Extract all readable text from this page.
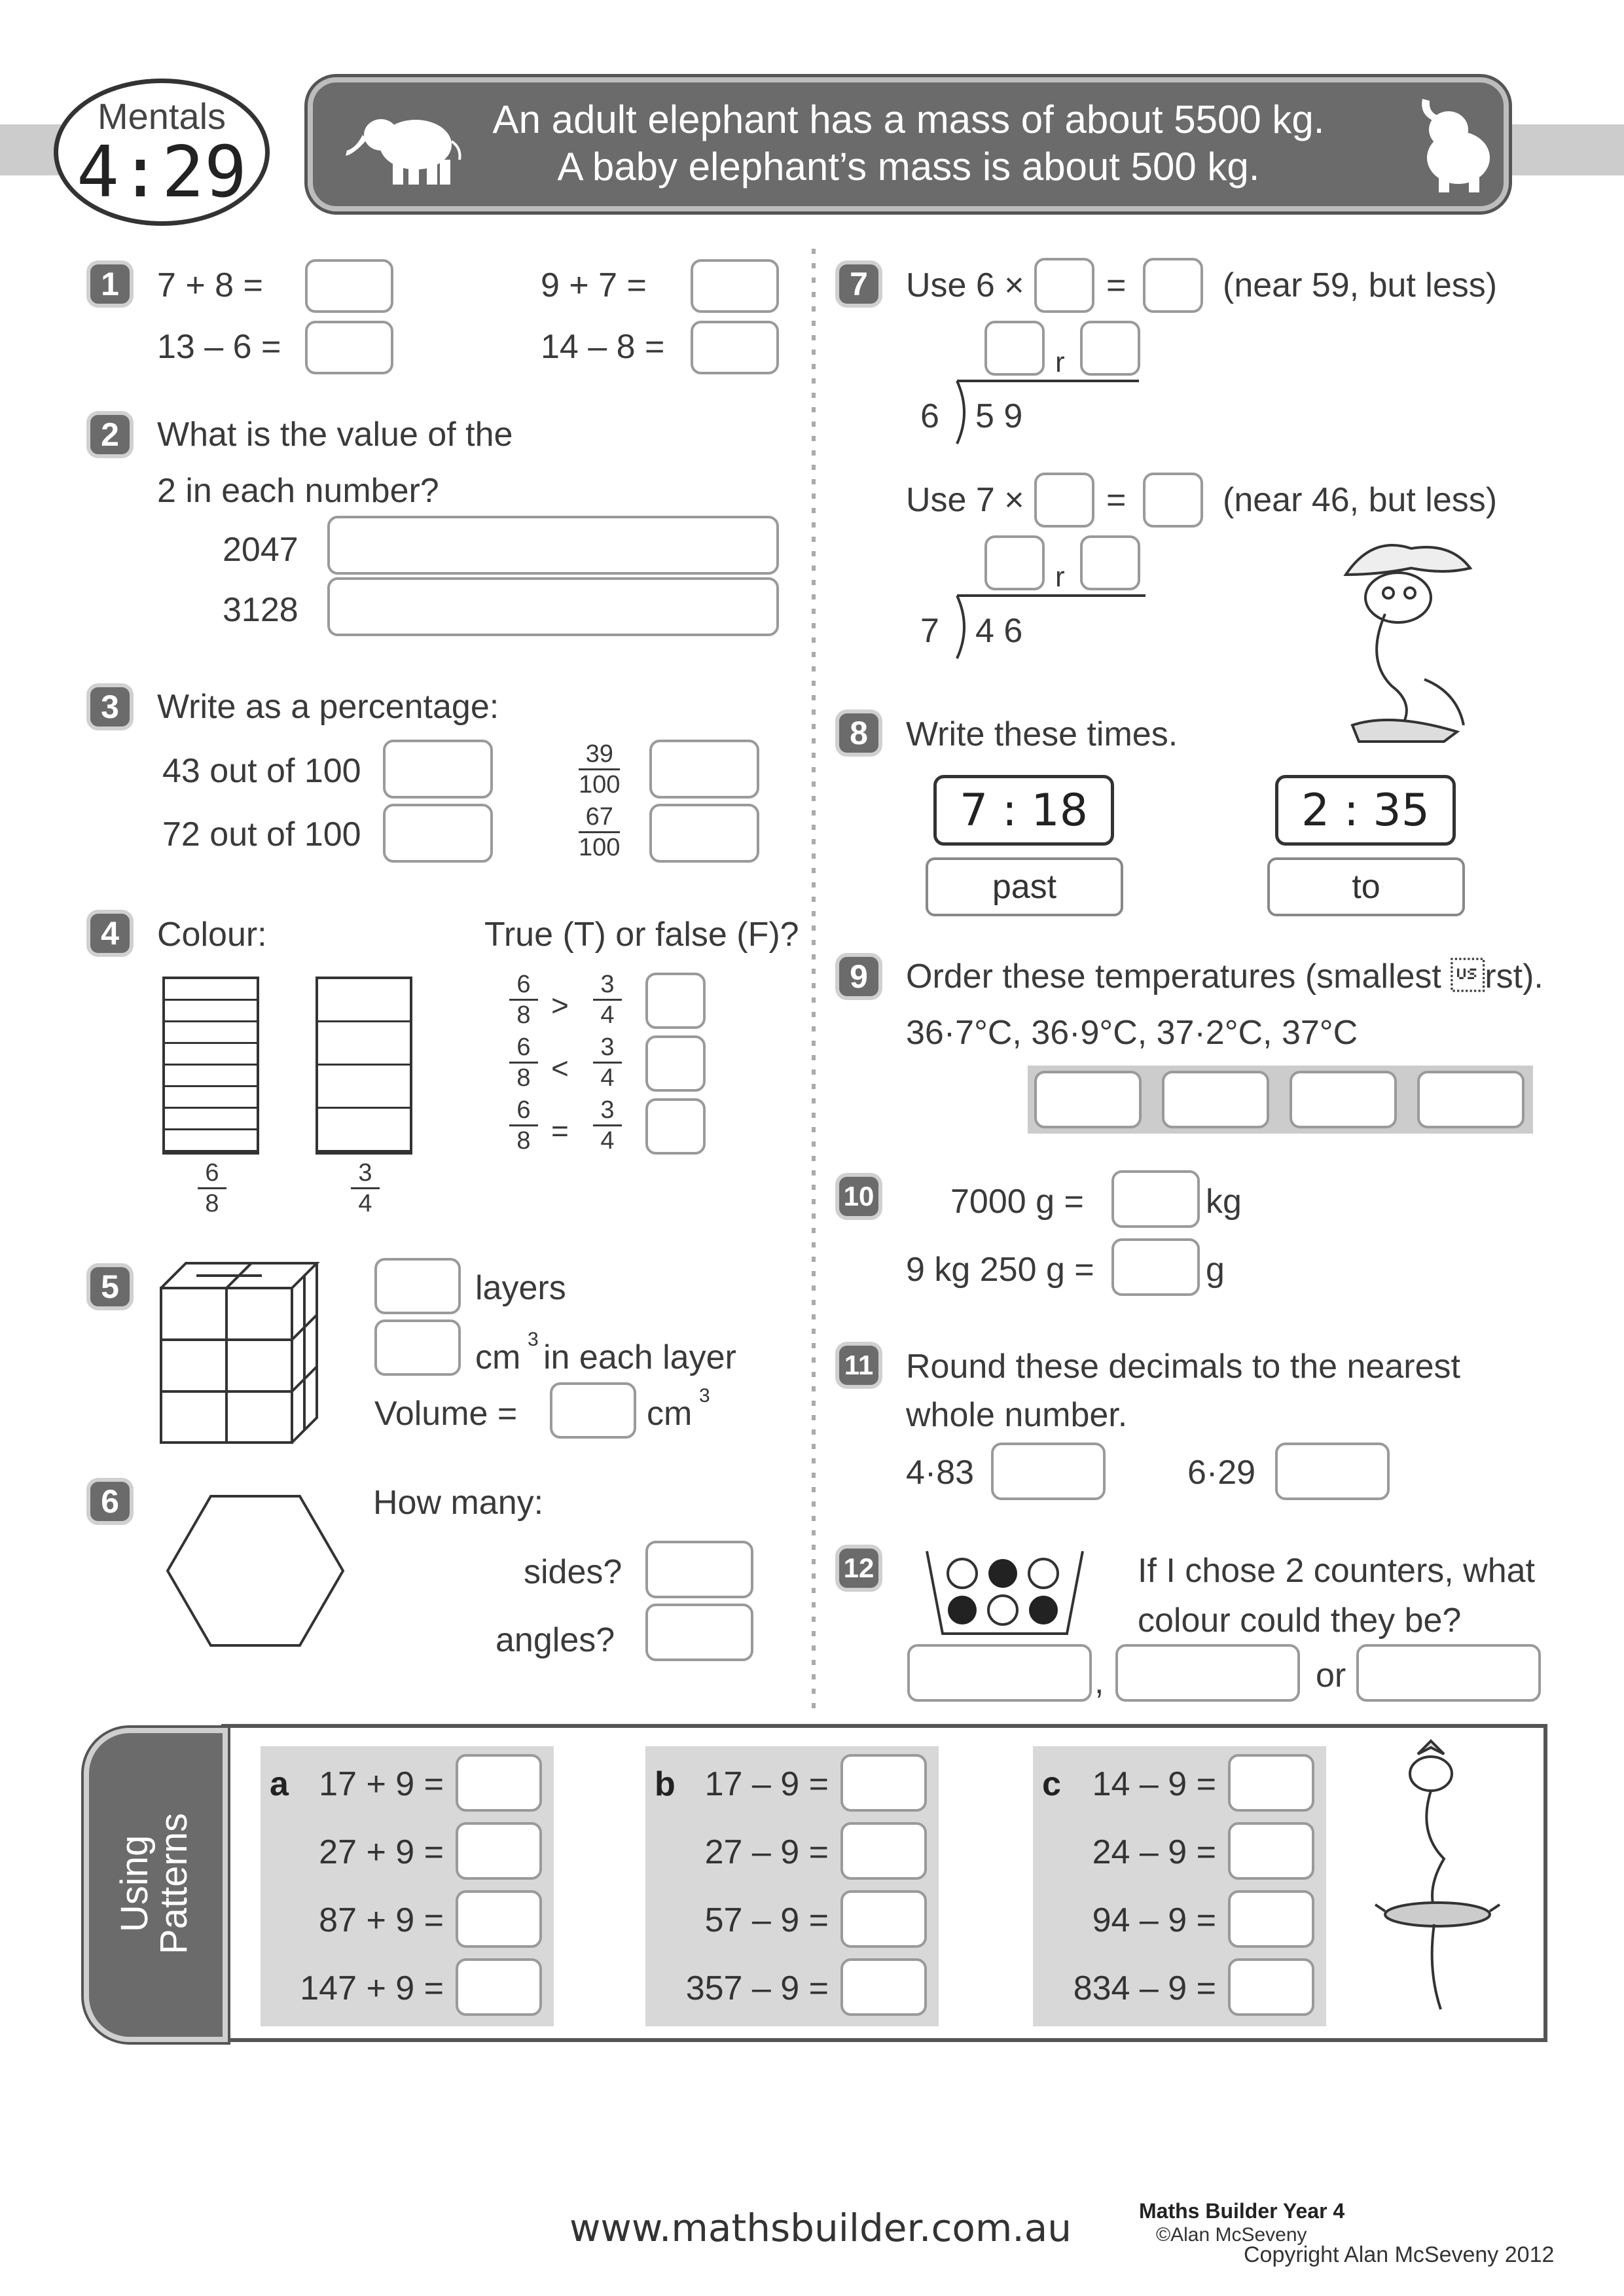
Mentals
4:29
An adult elephant has a mass of about 5500 kg.
A baby elephant’s mass is about 500 kg.
1	7 + 8 =	9 + 7 =
13 – 6 =	14 – 8 =
2	What is the value of the
2 in each number?
2047
3128
3	Write as a percentage:
43 out of 100
72 out of 100
39
100
67
100
4	Colour:	True (T) or false (F)?
6
8
3
4
6
8 >
3
4
6
8 <
3
4
6
8 =
3
4
5	layers
cm 3 in each layer
Volume =	cm 3
6	How many:
sides?
angles?
7	Use 6 × =	(near 59, but less)
r
6 5 9
Use 7 × =	(near 46, but less)
r
7 4 6
8	Write these times.
7 : 18	2 : 35
past	to
9	Order these temperatures (smallest rst).
36·7°C, 36·9°C, 37·2°C, 37°C
10 7000 g =	kg
9 kg 250 g =	g
11 Round these decimals to the nearest
whole number.
4·83	6·29
12	If I chose 2 counters, what
colour could they be?
,	or
Using
Patterns
a 17 + 9 =
27 + 9 =
87 + 9 =
147 + 9 =
b 17 – 9 =
27 – 9 =
57 – 9 =
357 – 9 =
c 14 – 9 =
24 – 9 =
94 – 9 =
834 – 9 =
www.mathsbuilder.com.au	Maths Builder Year 4
©Alan McSeveny
Copyright Alan McSeveny 2012
